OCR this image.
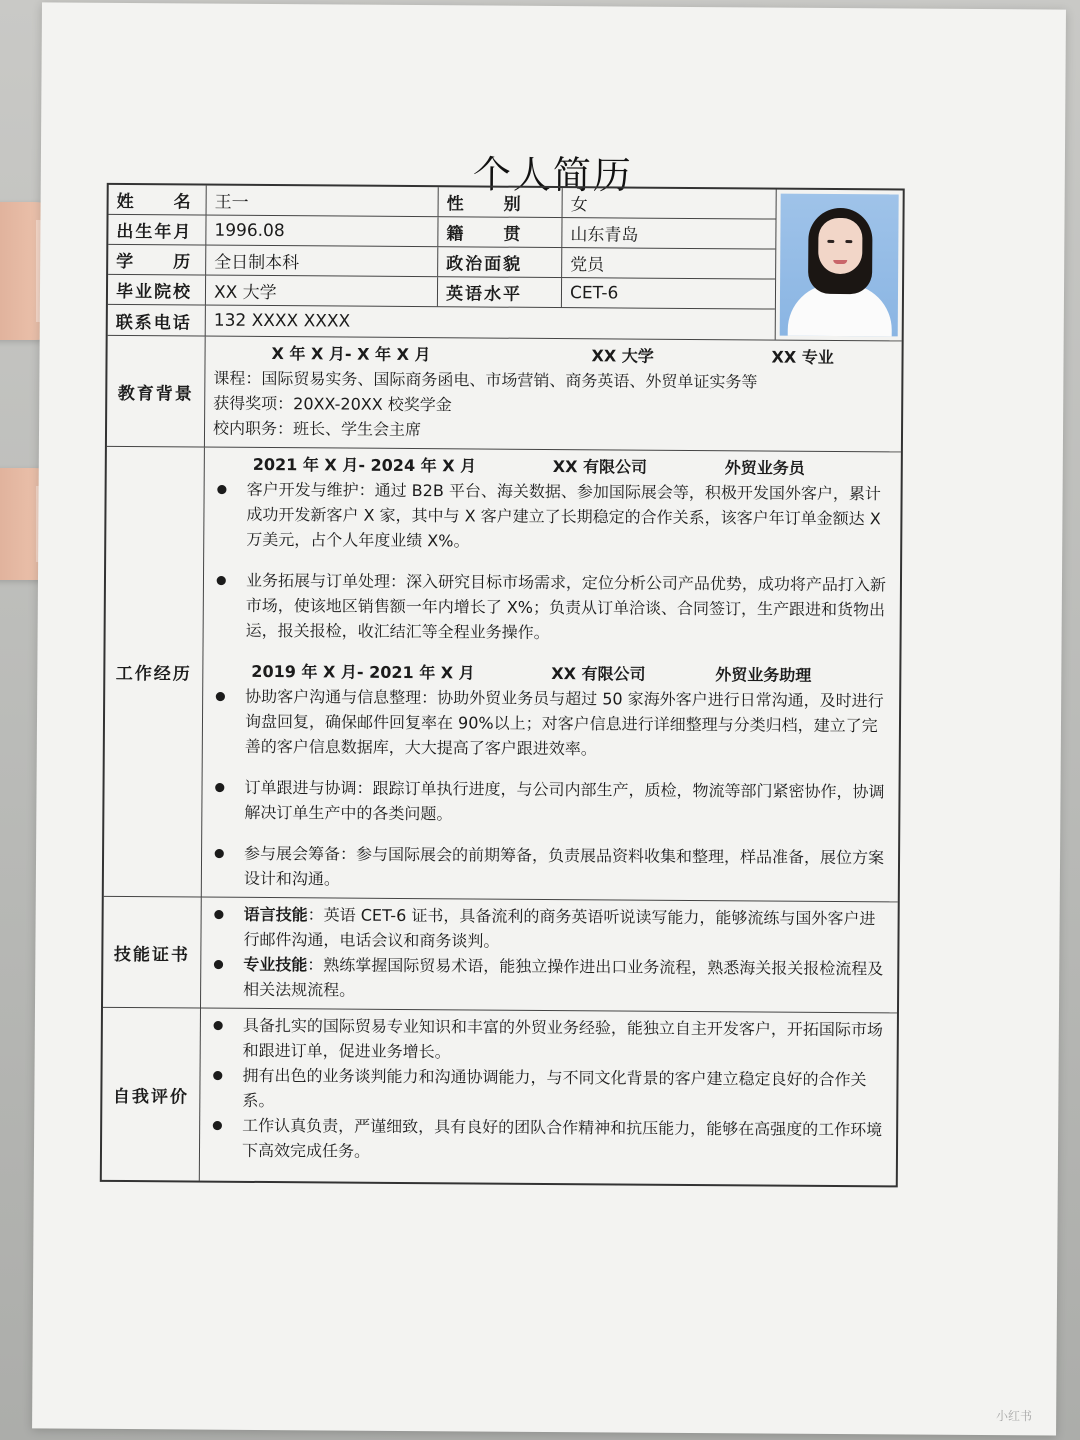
个人简历
姓　　名	王一	性　　别	女
出生年月	1996.08	籍　　贯	山东青岛
学　　历	全日制本科	政治面貌	党员
毕业院校	XX 大学	英语水平	CET-6
联系电话	132 XXXX XXXX
教育背景
X 年 X 月- X 年 X 月	XX 大学	XX 专业
课程：国际贸易实务、国际商务函电、市场营销、商务英语、外贸单证实务等
获得奖项：20XX-20XX 校奖学金
校内职务：班长、学生会主席
工作经历
2021 年 X 月- 2024 年 X 月	XX 有限公司	外贸业务员
●	客户开发与维护：通过 B2B 平台、海关数据、参加国际展会等，积极开发国外客户，累计成功开发新客户 X 家，其中与 X 客户建立了长期稳定的合作关系，该客户年订单金额达 X 万美元，占个人年度业绩 X%。
●	业务拓展与订单处理：深入研究目标市场需求，定位分析公司产品优势，成功将产品打入新市场，使该地区销售额一年内增长了 X%；负责从订单洽谈、合同签订，生产跟进和货物出运，报关报检，收汇结汇等全程业务操作。
2019 年 X 月- 2021 年 X 月	XX 有限公司	外贸业务助理
●	协助客户沟通与信息整理：协助外贸业务员与超过 50 家海外客户进行日常沟通，及时进行询盘回复，确保邮件回复率在 90%以上；对客户信息进行详细整理与分类归档，建立了完善的客户信息数据库，大大提高了客户跟进效率。
●	订单跟进与协调：跟踪订单执行进度，与公司内部生产，质检，物流等部门紧密协作，协调解决订单生产中的各类问题。
●	参与展会筹备：参与国际展会的前期筹备，负责展品资料收集和整理，样品准备，展位方案设计和沟通。
技能证书
●	语言技能：英语 CET-6 证书，具备流利的商务英语听说读写能力，能够流练与国外客户进行邮件沟通，电话会议和商务谈判。
●	专业技能：熟练掌握国际贸易术语，能独立操作进出口业务流程，熟悉海关报关报检流程及相关法规流程。
自我评价
●	具备扎实的国际贸易专业知识和丰富的外贸业务经验，能独立自主开发客户，开拓国际市场和跟进订单，促进业务增长。
●	拥有出色的业务谈判能力和沟通协调能力，与不同文化背景的客户建立稳定良好的合作关系。
●	工作认真负责，严谨细致，具有良好的团队合作精神和抗压能力，能够在高强度的工作环境下高效完成任务。
小红书
